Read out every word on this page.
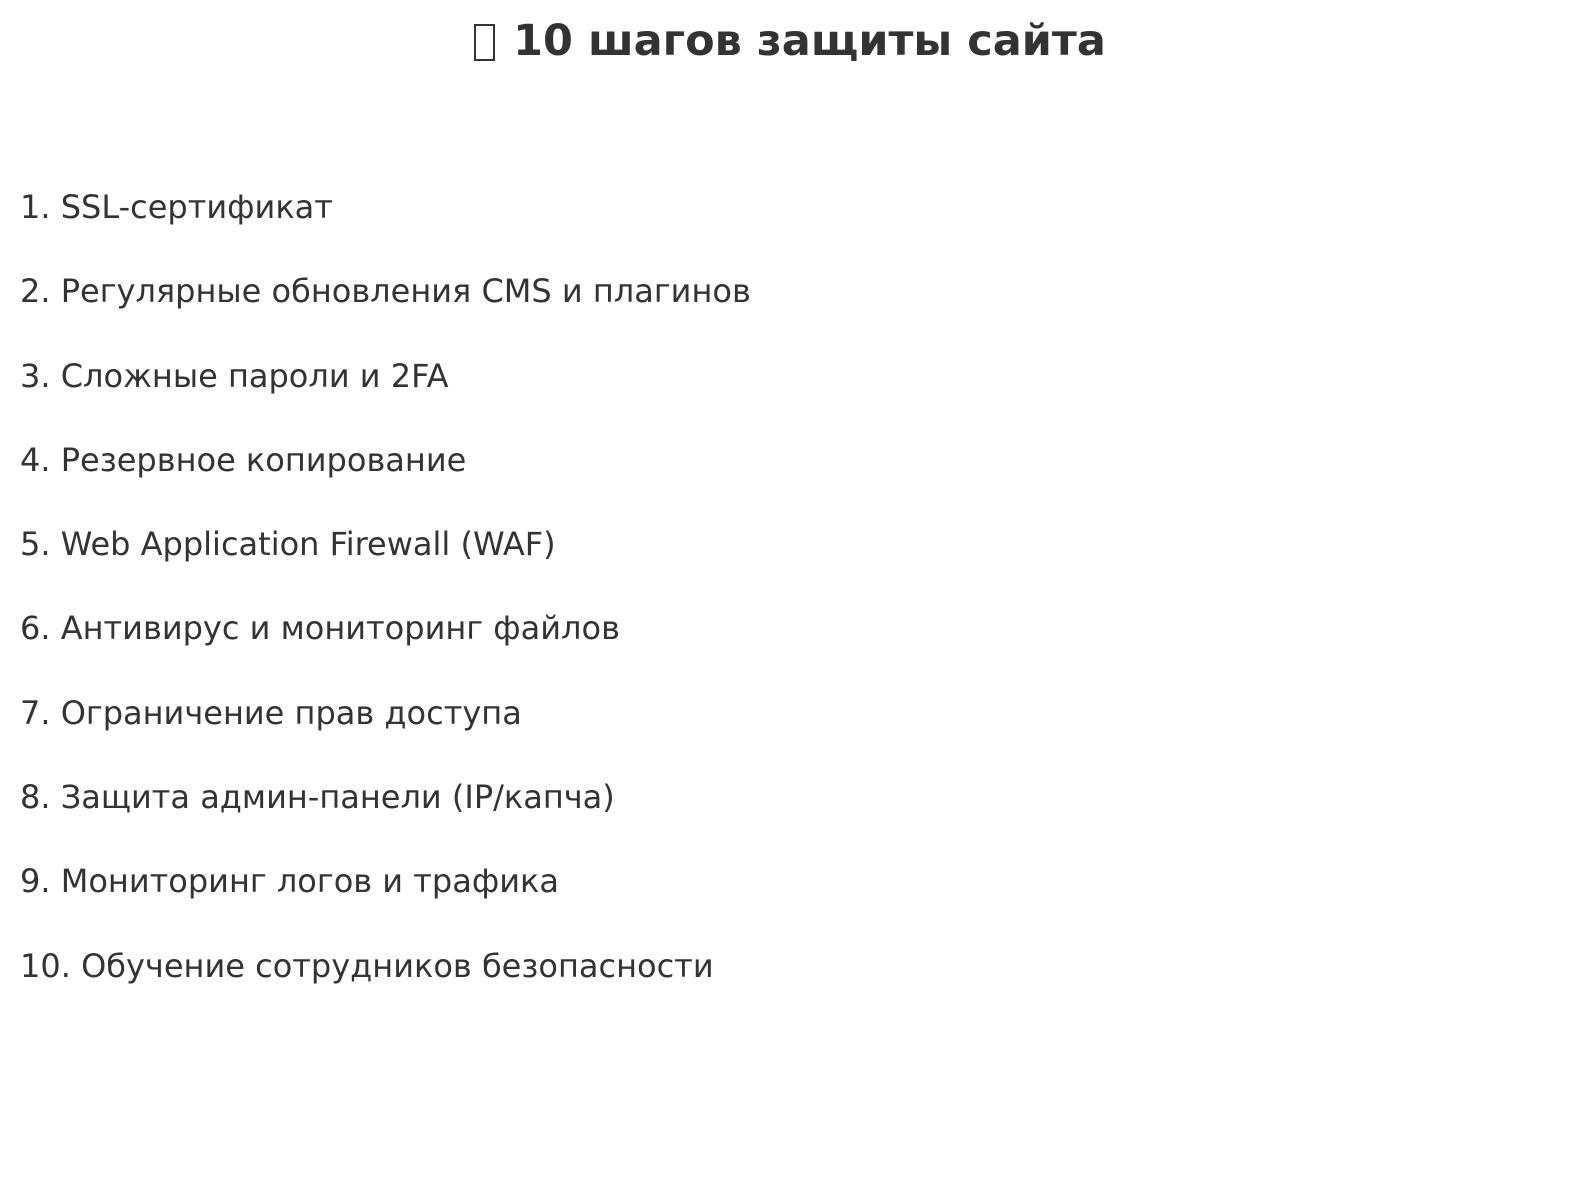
10 шагов защиты сайта
1. SSL-сертификат
2. Регулярные обновления CMS и плагинов
3. Сложные пароли и 2FA
4. Резервное копирование
5. Web Application Firewall (WAF)
6. Антивирус и мониторинг файлов
7. Ограничение прав доступа
8. Защита админ-панели (IP/капча)
9. Мониторинг логов и трафика
10. Обучение сотрудников безопасности
